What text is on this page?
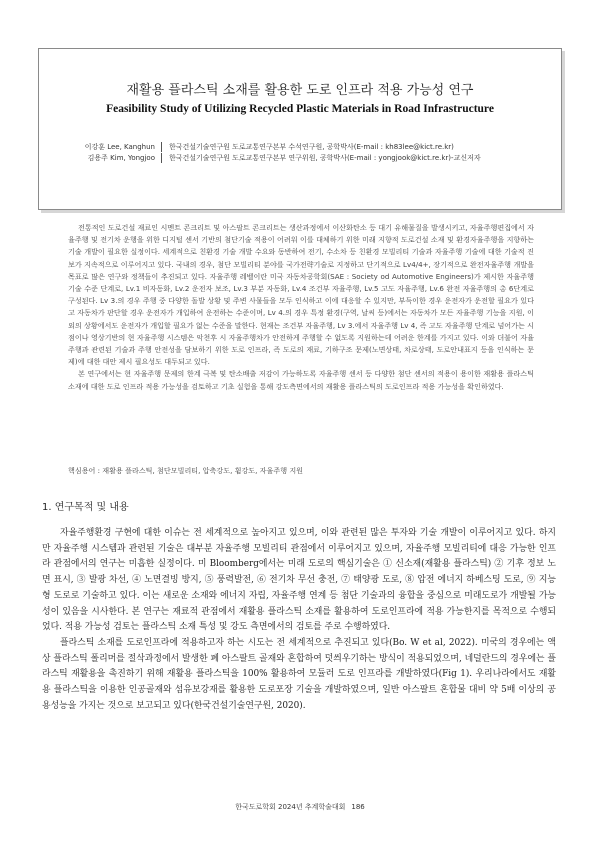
재활용 플라스틱 소재를 활용한 도로 인프라 적용 가능성 연구
Feasibility Study of Utilizing Recycled Plastic Materials in Road Infrastructure
이강훈 Lee, Kanghun	한국건설기술연구원 도로교통연구본부 수석연구원, 공학박사(E-mail : kh83lee@kict.re.kr)
김용주 Kim, Yongjoo	한국건설기술연구원 도로교통연구본부 연구위원, 공학박사(E-mail : yongjook@kict.re.kr)-교신저자

전통적인 도로건설 재료인 시멘트 콘크리트 및 아스팔트 콘크리트는 생산과정에서 이산화탄소 등 대기 유해물질을 발생시키고, 자율주행편집에서 자율주행 및 전기차 운행을 위한 디지털 센서 기반의 첨단기술 적용이 어려워 이를 대체하기 위한 미래 지향적 도로건설 소재 및 환경자율주행을 지향하는 기술 개발이 필요한 실정이다. 세계적으로 친환경 기술 개발 수요와 동반하여 전기, 수소차 등 친환경 모빌리티 기술과 자율주행 기술에 대한 기술적 진보가 지속적으로 이루어지고 있다. 국내의 경우, 첨단 모빌리티 분야를 국가전략기술로 지정하고 단기적으로 Lv4/4+, 장기적으로 완전자율주행 개발을 목표로 많은 연구와 정책들이 추진되고 있다. 자율주행 레벨이란 미국 자동차공학회(SAE : Society od Automotive Engineers)가 제시한 자율주행 기술 수준 단계로, Lv.1 비자동화, Lv.2 운전자 보조, Lv.3 부분 자동화, Lv.4 조건부 자율주행, Lv.5 고도 자율주행, Lv.6 완전 자율주행의 총 6단계로 구성된다. Lv 3.의 경우 주행 중 다양한 돌발 상황 및 주변 사물들을 모두 인식하고 이에 대응할 수 있지만, 부득이한 경우 운전자가 운전할 필요가 있다고 자동차가 판단할 경우 운전자가 개입하여 운전하는 수준이며, Lv 4.의 경우 특정 환경(구역, 날씨 등)에서는 자동차가 모든 자율주행 기능을 지원, 이외의 상황에서도 운전자가 개입할 필요가 없는 수준을 말한다. 현재는 조건부 자율주행, Lv 3.에서 자율주행 Lv 4, 즉 고도 자율주행 단계로 넘어가는 시점이나 영상기반의 현 자율주행 시스템은 악천후 시 자율주행차가 안전하게 주행할 수 없도록 지원하는데 어려운 한계를 가지고 있다. 이와 더불어 자율주행과 관련된 기술과 주행 안전성을 담보하기 위한 도로 인프라, 즉 도로의 재료, 기하구조 문제(노면상태, 차로상태, 도로안내표지 등을 인식하는 문제)에 대한 대안 제시 필요성도 대두되고 있다.

본 연구에서는 현 자율주행 문제의 한계 극복 및 탄소배출 저감이 가능하도록 자율주행 센서 등 다양한 첨단 센서의 적용이 용이한 재활용 플라스틱 소재에 대한 도로 인프라 적용 가능성을 검토하고 기초 실험을 통해 강도측면에서의 재활용 플라스틱의 도로인프라 적용 가능성을 확인하였다.

핵심용어 : 재활용 플라스틱, 첨단모빌리티, 압축강도, 휨강도, 자율주행 지원
1. 연구목적 및 내용

자율주행환경 구현에 대한 이슈는 전 세계적으로 높아지고 있으며, 이와 관련된 많은 투자와 기술 개발이 이루어지고 있다. 하지만 자율주행 시스템과 관련된 기술은 대부분 자율주행 모빌리티 관점에서 이루어지고 있으며, 자율주행 모빌리티에 대응 가능한 인프라 관점에서의 연구는 미흡한 실정이다. 미 Bloomberg에서는 미래 도로의 핵심기술은 ① 신소재(재활용 플라스틱) ② 기후 정보 노면 표시, ③ 발광 차선, ④ 노면결빙 방지, ⑤ 풍력발전, ⑥ 전기차 무선 충전, ⑦ 태양광 도로, ⑧ 압전 에너지 하베스팅 도로, ⑨ 지능형 도로로 기술하고 있다. 이는 새로운 소재와 에너지 자립, 자율주행 연계 등 첨단 기술과의 융합을 중심으로 미래도로가 개발될 가능성이 있음을 시사한다. 본 연구는 재료적 관점에서 재활용 플라스틱 소재를 활용하여 도로인프라에 적용 가능한지를 목적으로 수행되었다. 적용 가능성 검토는 플라스틱 소재 특성 및 강도 측면에서의 검토를 주로 수행하였다.

플라스틱 소재를 도로인프라에 적용하고자 하는 시도는 전 세계적으로 추진되고 있다(Bo. W et al, 2022). 미국의 경우에는 액상 플라스틱 폴리머를 절삭과정에서 발생한 폐 아스팔트 골재와 혼합하여 덧씌우기하는 방식이 적용되었으며, 네덜란드의 경우에는 플라스틱 재활용을 촉진하기 위해 재활용 플라스틱을 100% 활용하여 모듈러 도로 인프라를 개발하였다(Fig 1). 우리나라에서도 재활용 플라스틱을 이용한 인공골재와 섬유보강재를 활용한 도로포장 기술을 개발하였으며, 일반 아스팔트 혼합물 대비 약 5배 이상의 공용성능을 가지는 것으로 보고되고 있다(한국건설기술연구원, 2020).

한국도로학회 2024년 추계학술대회 186
